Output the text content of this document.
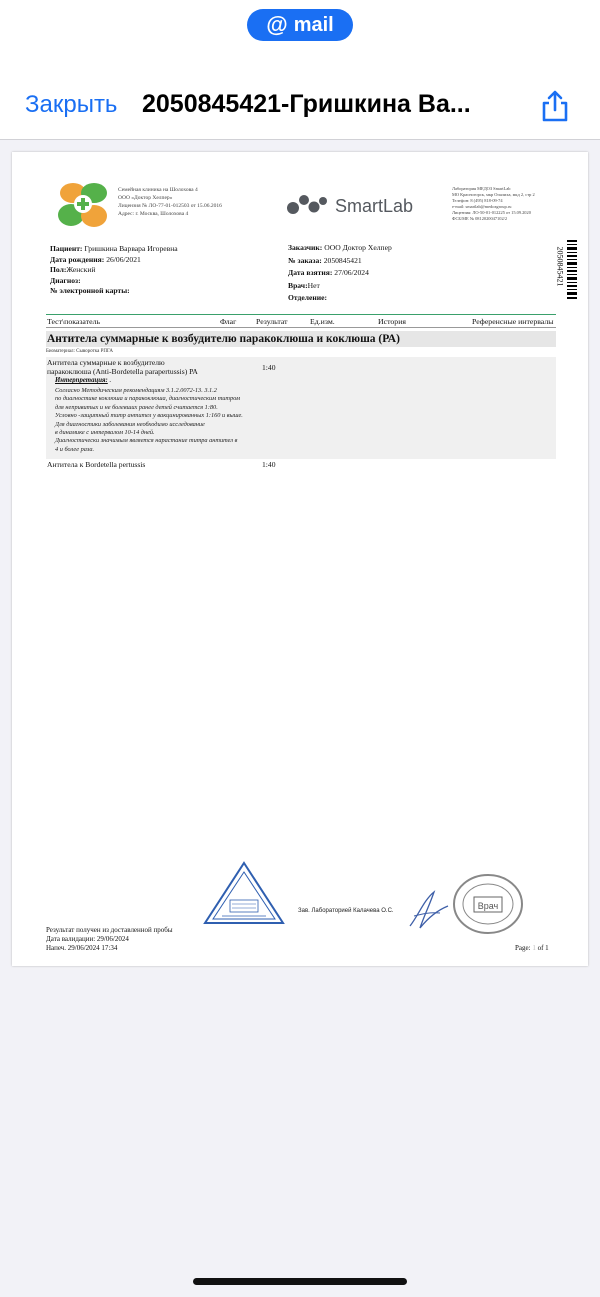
@ mail
Закрыть 2050845421-Гришкина Ва...
Семейная клиника на Шолохова 4
ООО «Доктор Хелпер»
Лицензия № ЛО-77-01-012503 от 15.06.2016
Адрес: г. Москва, Шолохова 4	SmartLab
Лаборатория МЕДОЗ SmartLab
МО Красногорск, мкр Опалиха, мкд 2, стр 2
Телефон: 8 (495) 818-09-74
e-mail: smartlab@medozgroup.ru
Лицензия: ЛО-50-01-012225 от 15.09.2020
ФСБ/МЕ № 0812020047102/2
Пациент: Гришкина Варвара Игоревна
Дата рождения: 26/06/2021
Пол:Женский
Диагноз:
№ электронной карты:
Заказчик: ООО Доктор Хелпер
№ заказа: 2050845421
Дата взятия: 27/06/2024
Врач:Нет
Отделение:
2050845421
Тест\показатель	Флаг	Результат	Ед.изм.	История	Референсные интервалы
Антитела суммарные к возбудителю паракоклюша и коклюша (РА)
Биоматериал: Сыворотка РПГА
Антитела суммарные к возбудителю
паракоклюша (Anti-Bordetella parapertussis) РА	1:40
Интерпретация: .
Согласно Методическим рекомендациям 3.1.2.0072-13. 3.1.2
по диагностике коклюша и паракоклюша, диагностическим титром
для непривитых и не болевших ранее детей считается 1:80.
Условно -защитный титр антител у вакцинированных 1:160 и выше.
Для диагностики заболевания необходимо исследование
в динамике с интервалом 10-14 дней.
Диагностически значимым является нарастание титра антител в
4 и более раза.
Антитела к Bordetella pertussis	1:40
Зав. Лабораторией Калачева О.С.	Врач
Результат получен из доставленной пробы
Дата валидации: 29/06/2024
Напеч. 29/06/2024 17:34	Page: 1 of 1
